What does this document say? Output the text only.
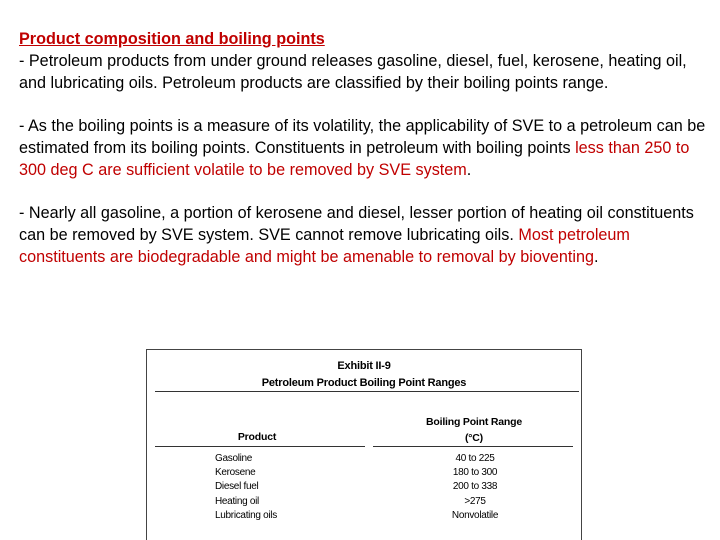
Product composition and boiling points

- Petroleum products from under ground releases gasoline, diesel, fuel, kerosene, heating oil, and lubricating oils. Petroleum products are classified by their boiling points range.

- As the boiling points is a measure of its volatility, the applicability of SVE to a petroleum can be estimated from its boiling points. Constituents in petroleum with boiling points less than 250 to 300 deg C are sufficient volatile to be removed by SVE system.

- Nearly all gasoline, a portion of kerosene and diesel, lesser portion of heating oil constituents can be removed by SVE system. SVE cannot remove lubricating oils. Most petroleum constituents are biodegradable and might be amenable to removal by bioventing.

Exhibit II-9
Petroleum Product Boiling Point Ranges
Product
Boiling Point Range
(°C)
Gasoline	40 to 225
Kerosene	180 to 300
Diesel fuel	200 to 338
Heating oil	>275
Lubricating oils	Nonvolatile
